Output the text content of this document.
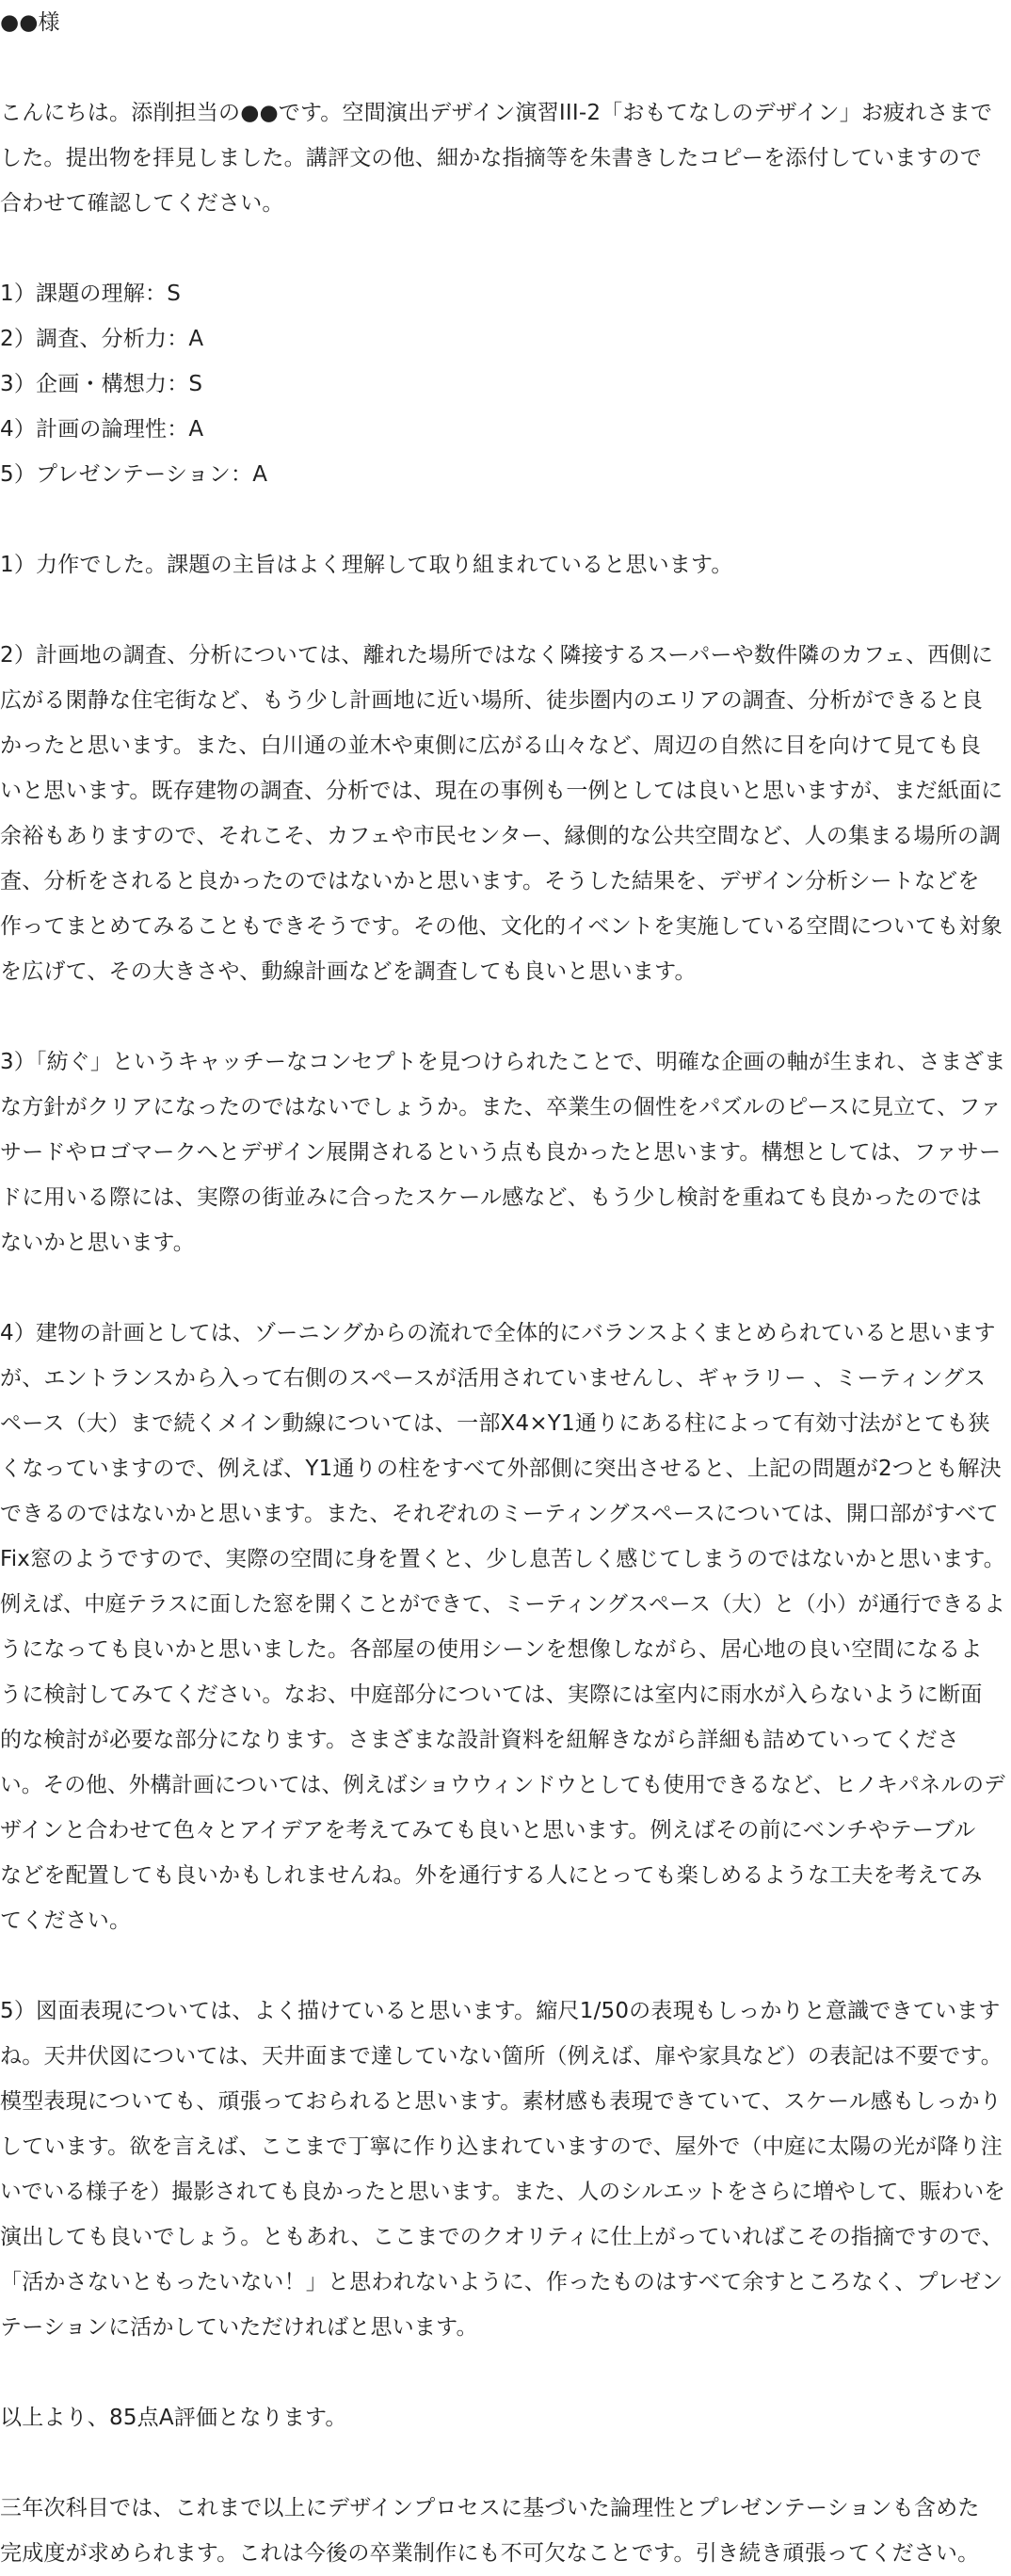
●●様
こんにちは。添削担当の●●です。空間演出デザイン演習III-2「おもてなしのデザイン」お疲れさまで
した。提出物を拝見しました。講評文の他、細かな指摘等を朱書きしたコピーを添付していますので
合わせて確認してください。
1）課題の理解：S
2）調査、分析力：A
3）企画・構想力：S
4）計画の論理性：A
5）プレゼンテーション：A
1）力作でした。課題の主旨はよく理解して取り組まれていると思います。
2）計画地の調査、分析については、離れた場所ではなく隣接するスーパーや数件隣のカフェ、西側に
広がる閑静な住宅街など、もう少し計画地に近い場所、徒歩圏内のエリアの調査、分析ができると良
かったと思います。また、白川通の並木や東側に広がる山々など、周辺の自然に目を向けて見ても良
いと思います。既存建物の調査、分析では、現在の事例も一例としては良いと思いますが、まだ紙面に
余裕もありますので、それこそ、カフェや市民センター、縁側的な公共空間など、人の集まる場所の調
査、分析をされると良かったのではないかと思います。そうした結果を、デザイン分析シートなどを
作ってまとめてみることもできそうです。その他、文化的イベントを実施している空間についても対象
を広げて、その大きさや、動線計画などを調査しても良いと思います。
3）「紡ぐ」というキャッチーなコンセプトを見つけられたことで、明確な企画の軸が生まれ、さまざま
な方針がクリアになったのではないでしょうか。また、卒業生の個性をパズルのピースに見立て、ファ
サードやロゴマークへとデザイン展開されるという点も良かったと思います。構想としては、ファサー
ドに用いる際には、実際の街並みに合ったスケール感など、もう少し検討を重ねても良かったのでは
ないかと思います。
4）建物の計画としては、ゾーニングからの流れで全体的にバランスよくまとめられていると思います
が、エントランスから入って右側のスペースが活用されていませんし、ギャラリー 、ミーティングス
ペース（大）まで続くメイン動線については、一部X4×Y1通りにある柱によって有効寸法がとても狭
くなっていますので、例えば、Y1通りの柱をすべて外部側に突出させると、上記の問題が2つとも解決
できるのではないかと思います。また、それぞれのミーティングスペースについては、開口部がすべて
Fix窓のようですので、実際の空間に身を置くと、少し息苦しく感じてしまうのではないかと思います。
例えば、中庭テラスに面した窓を開くことができて、ミーティングスペース（大）と（小）が通行できるよ
うになっても良いかと思いました。各部屋の使用シーンを想像しながら、居心地の良い空間になるよ
うに検討してみてください。なお、中庭部分については、実際には室内に雨水が入らないように断面
的な検討が必要な部分になります。さまざまな設計資料を紐解きながら詳細も詰めていってくださ
い。その他、外構計画については、例えばショウウィンドウとしても使用できるなど、ヒノキパネルのデ
ザインと合わせて色々とアイデアを考えてみても良いと思います。例えばその前にベンチやテーブル
などを配置しても良いかもしれませんね。外を通行する人にとっても楽しめるような工夫を考えてみ
てください。
5）図面表現については、よく描けていると思います。縮尺1/50の表現もしっかりと意識できています
ね。天井伏図については、天井面まで達していない箇所（例えば、扉や家具など）の表記は不要です。
模型表現についても、頑張っておられると思います。素材感も表現できていて、スケール感もしっかり
しています。欲を言えば、ここまで丁寧に作り込まれていますので、屋外で（中庭に太陽の光が降り注
いでいる様子を）撮影されても良かったと思います。また、人のシルエットをさらに増やして、賑わいを
演出しても良いでしょう。ともあれ、ここまでのクオリティに仕上がっていればこその指摘ですので、
「活かさないともったいない！」と思われないように、作ったものはすべて余すところなく、プレゼン
テーションに活かしていただければと思います。
以上より、85点A評価となります。
三年次科目では、これまで以上にデザインプロセスに基づいた論理性とプレゼンテーションも含めた
完成度が求められます。これは今後の卒業制作にも不可欠なことです。引き続き頑張ってください。
